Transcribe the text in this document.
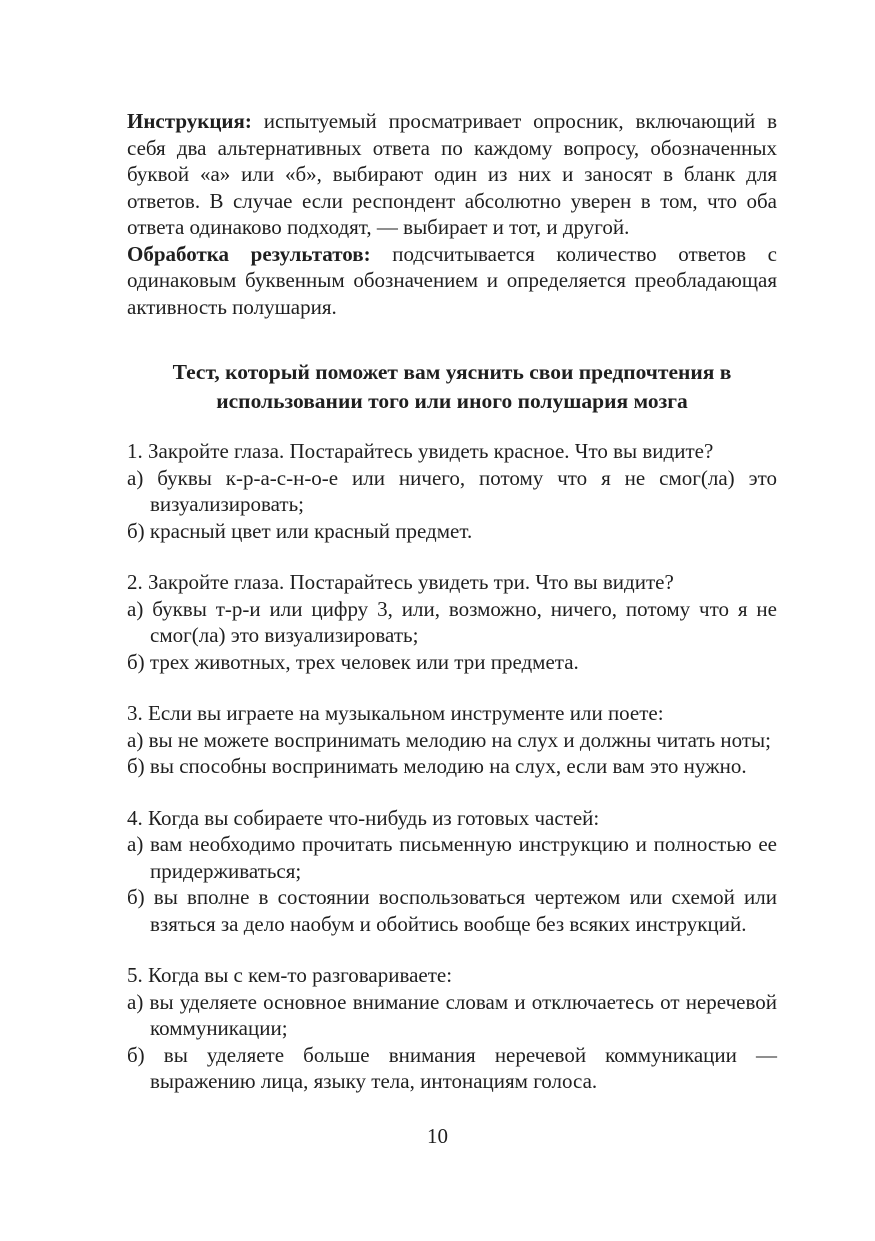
Инструкция: испытуемый просматривает опросник, включающий в себя два альтернативных ответа по каждому вопросу, обозначенных буквой «а» или «б», выбирают один из них и заносят в бланк для ответов. В случае если респондент абсолютно уверен в том, что оба ответа одинаково подходят, — выбирает и тот, и другой.

Обработка результатов: подсчитывается количество ответов с одинаковым буквенным обозначением и определяется преобладающая активность полушария.

Тест, который поможет вам уяснить свои предпочтения в использовании того или иного полушария мозга

1. Закройте глаза. Постарайтесь увидеть красное. Что вы видите?

а) буквы к-р-а-с-н-о-е или ничего, потому что я не смог(ла) это визуализировать;

б) красный цвет или красный предмет.

2. Закройте глаза. Постарайтесь увидеть три. Что вы видите?

а) буквы т-р-и или цифру 3, или, возможно, ничего, потому что я не смог(ла) это визуализировать;

б) трех животных, трех человек или три предмета.

3. Если вы играете на музыкальном инструменте или поете:

а) вы не можете воспринимать мелодию на слух и должны читать ноты;

б) вы способны воспринимать мелодию на слух, если вам это нужно.

4. Когда вы собираете что-нибудь из готовых частей:

а) вам необходимо прочитать письменную инструкцию и полностью ее придерживаться;

б) вы вполне в состоянии воспользоваться чертежом или схемой или взяться за дело наобум и обойтись вообще без всяких инструкций.

5. Когда вы с кем-то разговариваете:

а) вы уделяете основное внимание словам и отключаетесь от неречевой коммуникации;

б) вы уделяете больше внимания неречевой коммуникации — выражению лица, языку тела, интонациям голоса.

10
